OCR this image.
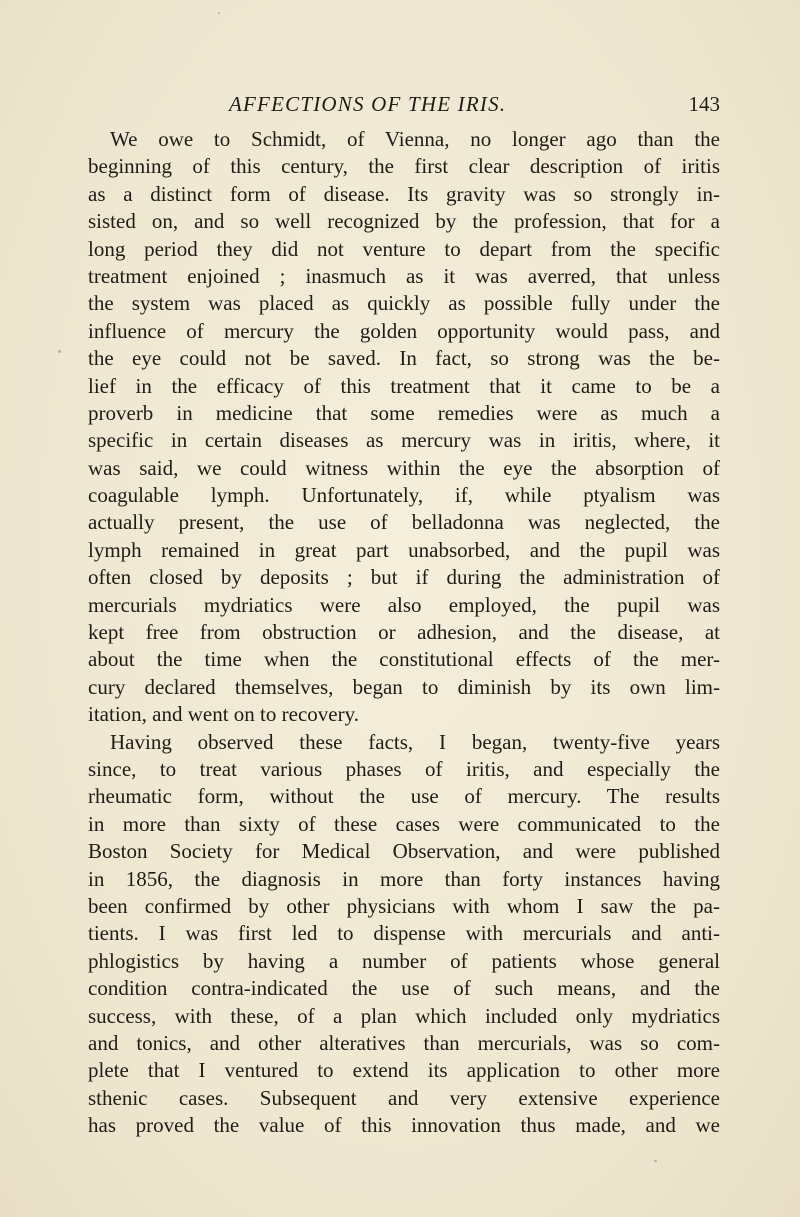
AFFECTIONS OF THE IRIS.	143
We owe to Schmidt, of Vienna, no longer ago than the
beginning of this century, the first clear description of iritis
as a distinct form of disease. Its gravity was so strongly in-
sisted on, and so well recognized by the profession, that for a
long period they did not venture to depart from the specific
treatment enjoined ; inasmuch as it was averred, that unless
the system was placed as quickly as possible fully under the
influence of mercury the golden opportunity would pass, and
the eye could not be saved. In fact, so strong was the be-
lief in the efficacy of this treatment that it came to be a
proverb in medicine that some remedies were as much a
specific in certain diseases as mercury was in iritis, where, it
was said, we could witness within the eye the absorption of
coagulable lymph. Unfortunately, if, while ptyalism was
actually present, the use of belladonna was neglected, the
lymph remained in great part unabsorbed, and the pupil was
often closed by deposits ; but if during the administration of
mercurials mydriatics were also employed, the pupil was
kept free from obstruction or adhesion, and the disease, at
about the time when the constitutional effects of the mer-
cury declared themselves, began to diminish by its own lim-
itation, and went on to recovery.
Having observed these facts, I began, twenty-five years
since, to treat various phases of iritis, and especially the
rheumatic form, without the use of mercury. The results
in more than sixty of these cases were communicated to the
Boston Society for Medical Observation, and were published
in 1856, the diagnosis in more than forty instances having
been confirmed by other physicians with whom I saw the pa-
tients. I was first led to dispense with mercurials and anti-
phlogistics by having a number of patients whose general
condition contra-indicated the use of such means, and the
success, with these, of a plan which included only mydriatics
and tonics, and other alteratives than mercurials, was so com-
plete that I ventured to extend its application to other more
sthenic cases. Subsequent and very extensive experience
has proved the value of this innovation thus made, and we
